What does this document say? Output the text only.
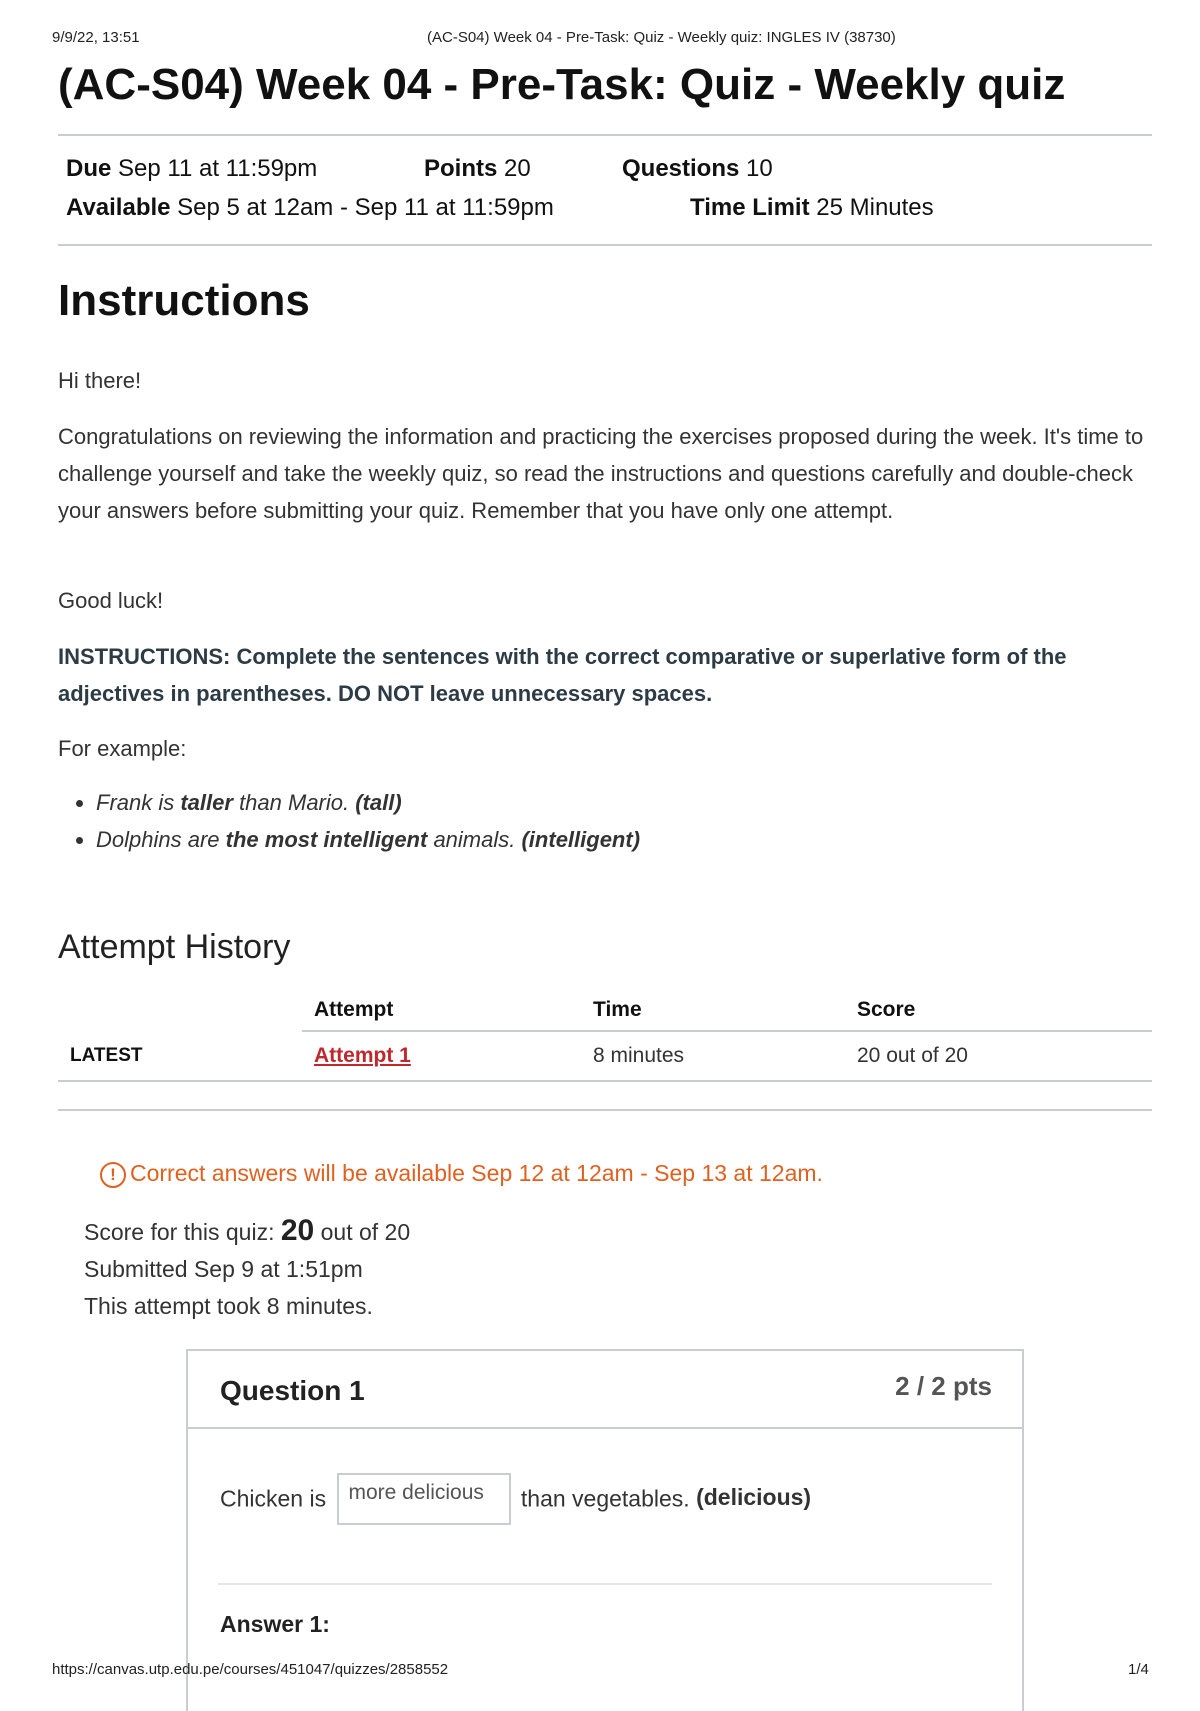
9/9/22, 13:51	(AC-S04) Week 04 - Pre-Task: Quiz - Weekly quiz: INGLES IV (38730)
(AC-S04) Week 04 - Pre-Task: Quiz - Weekly quiz
Due Sep 11 at 11:59pm	Points 20	Questions 10
Available Sep 5 at 12am - Sep 11 at 11:59pm	Time Limit 25 Minutes
Instructions
Hi there!
Congratulations on reviewing the information and practicing the exercises proposed during the week. It's time to challenge yourself and take the weekly quiz, so read the instructions and questions carefully and double-check your answers before submitting your quiz. Remember that you have only one attempt.
Good luck!
INSTRUCTIONS: Complete the sentences with the correct comparative or superlative form of the adjectives in parentheses. DO NOT leave unnecessary spaces.
For example:
• Frank is taller than Mario. (tall)
• Dolphins are the most intelligent animals. (intelligent)
Attempt History
	Attempt	Time	Score
LATEST	Attempt 1	8 minutes	20 out of 20
! Correct answers will be available Sep 12 at 12am - Sep 13 at 12am.
Score for this quiz: 20 out of 20
Submitted Sep 9 at 1:51pm
This attempt took 8 minutes.
Question 1	2 / 2 pts
Chicken is more delicious than vegetables. (delicious)
Answer 1:
https://canvas.utp.edu.pe/courses/451047/quizzes/2858552	1/4
